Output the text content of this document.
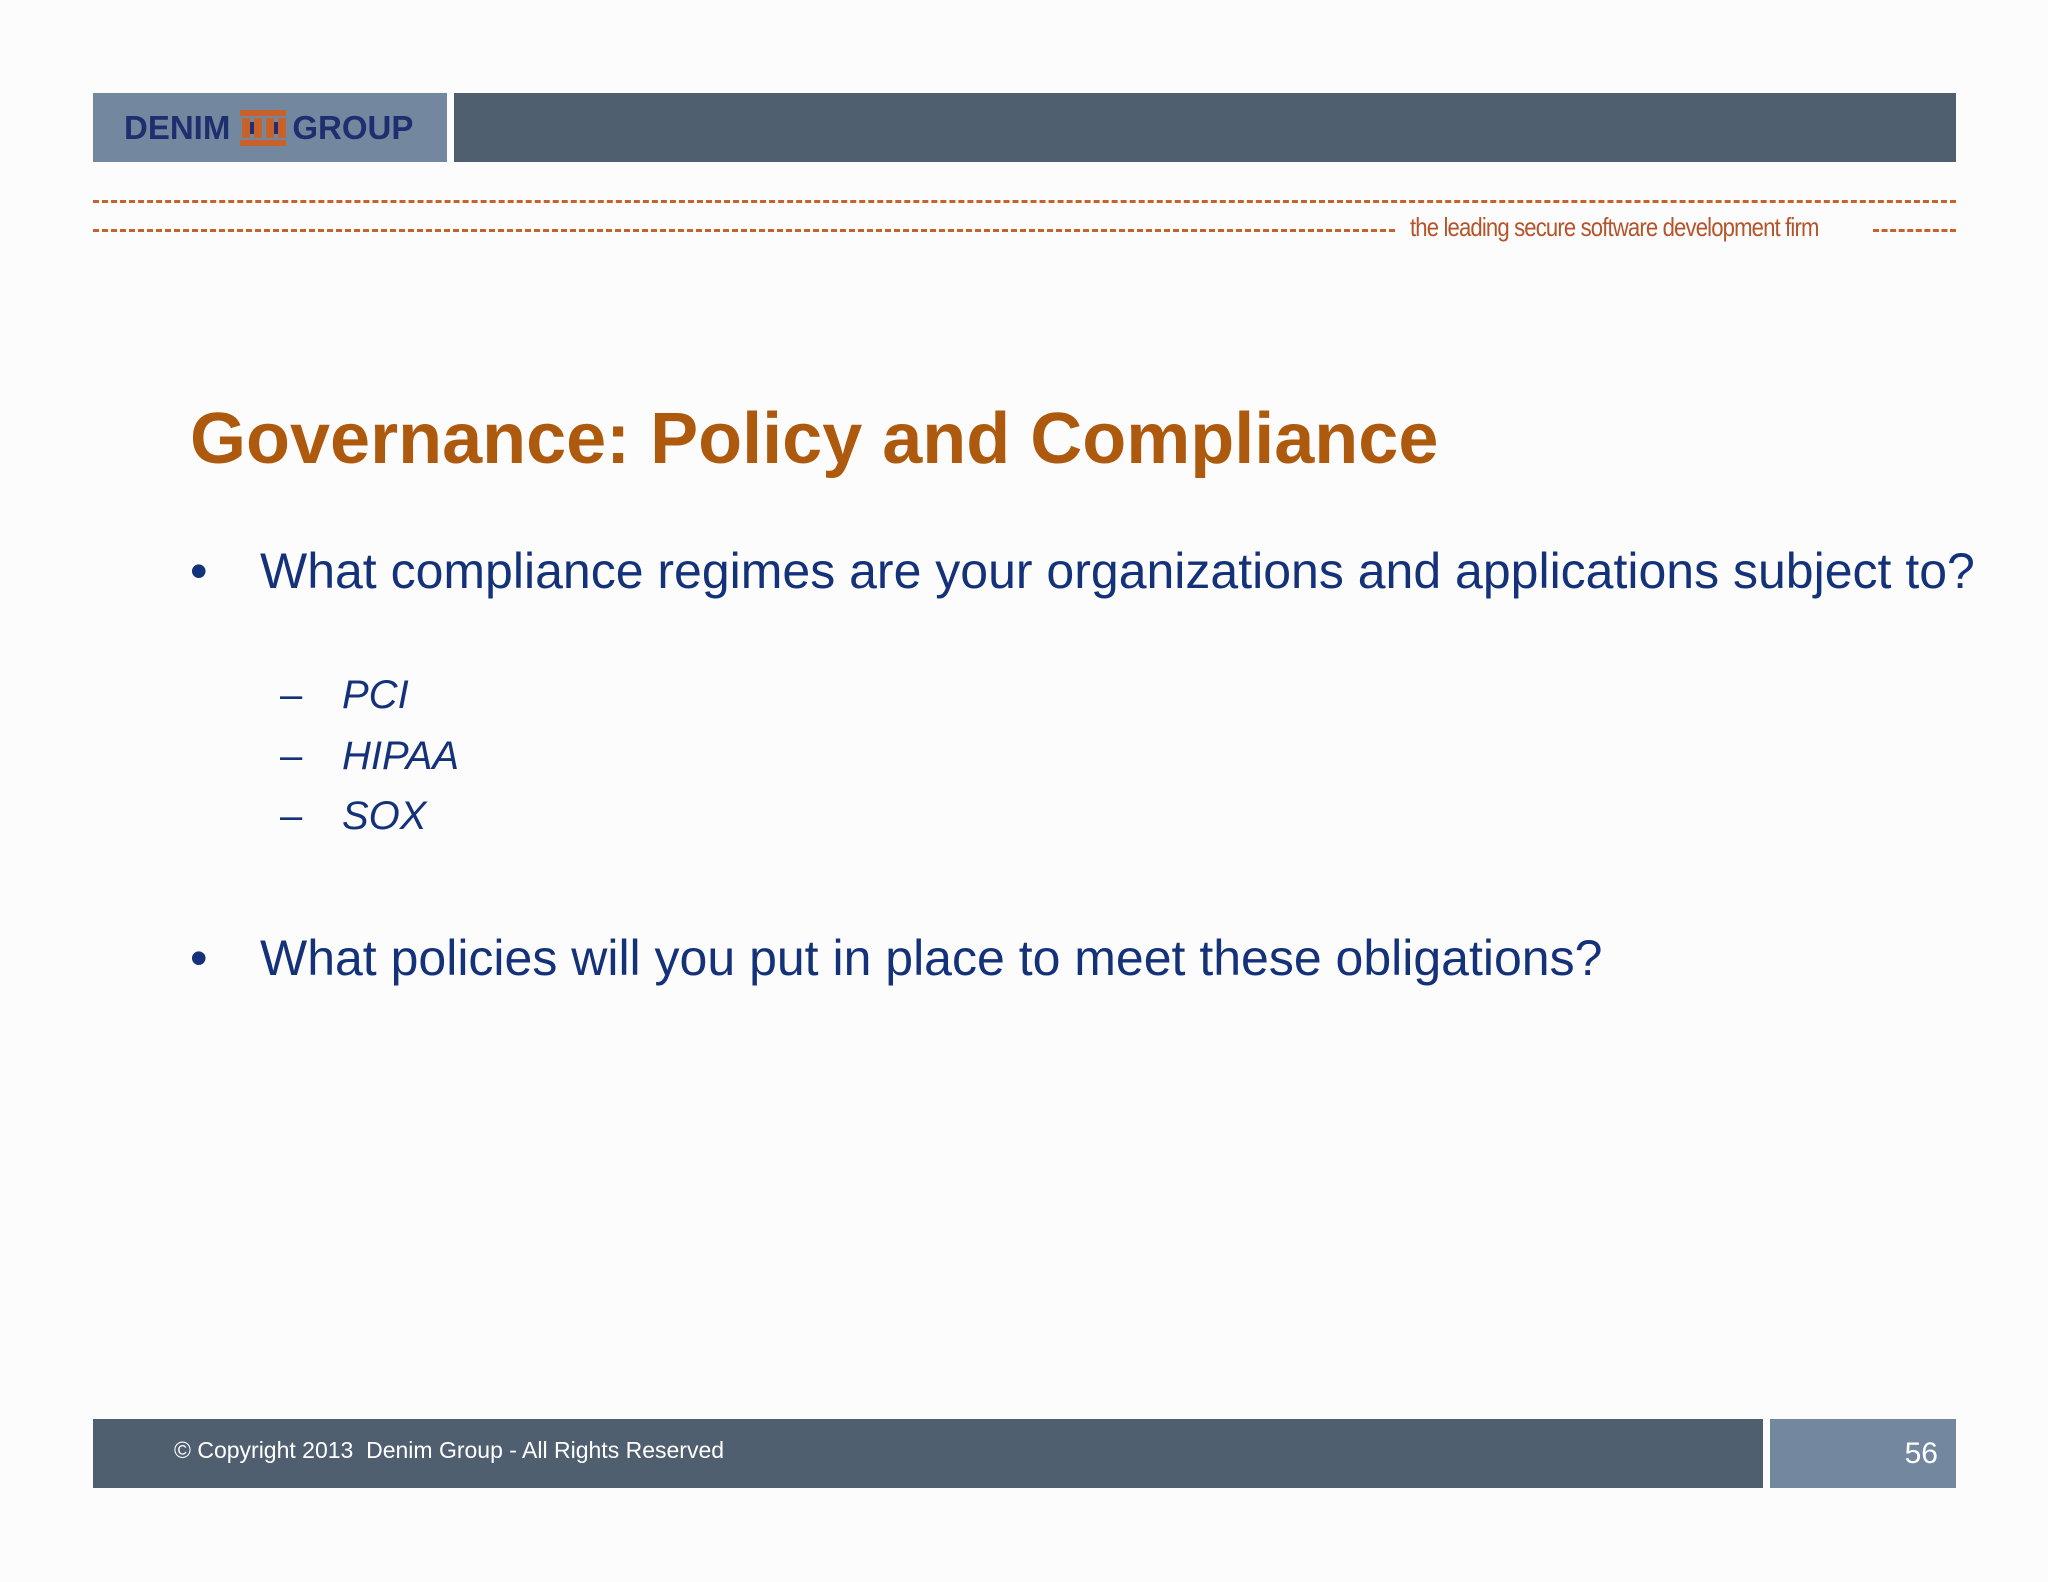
DENIM GROUP
the leading secure software development firm
Governance: Policy and Compliance
•	What compliance regimes are your organizations and applications subject to?
– PCI
– HIPAA
– SOX
•	What policies will you put in place to meet these obligations?
© Copyright 2013  Denim Group - All Rights Reserved	56
